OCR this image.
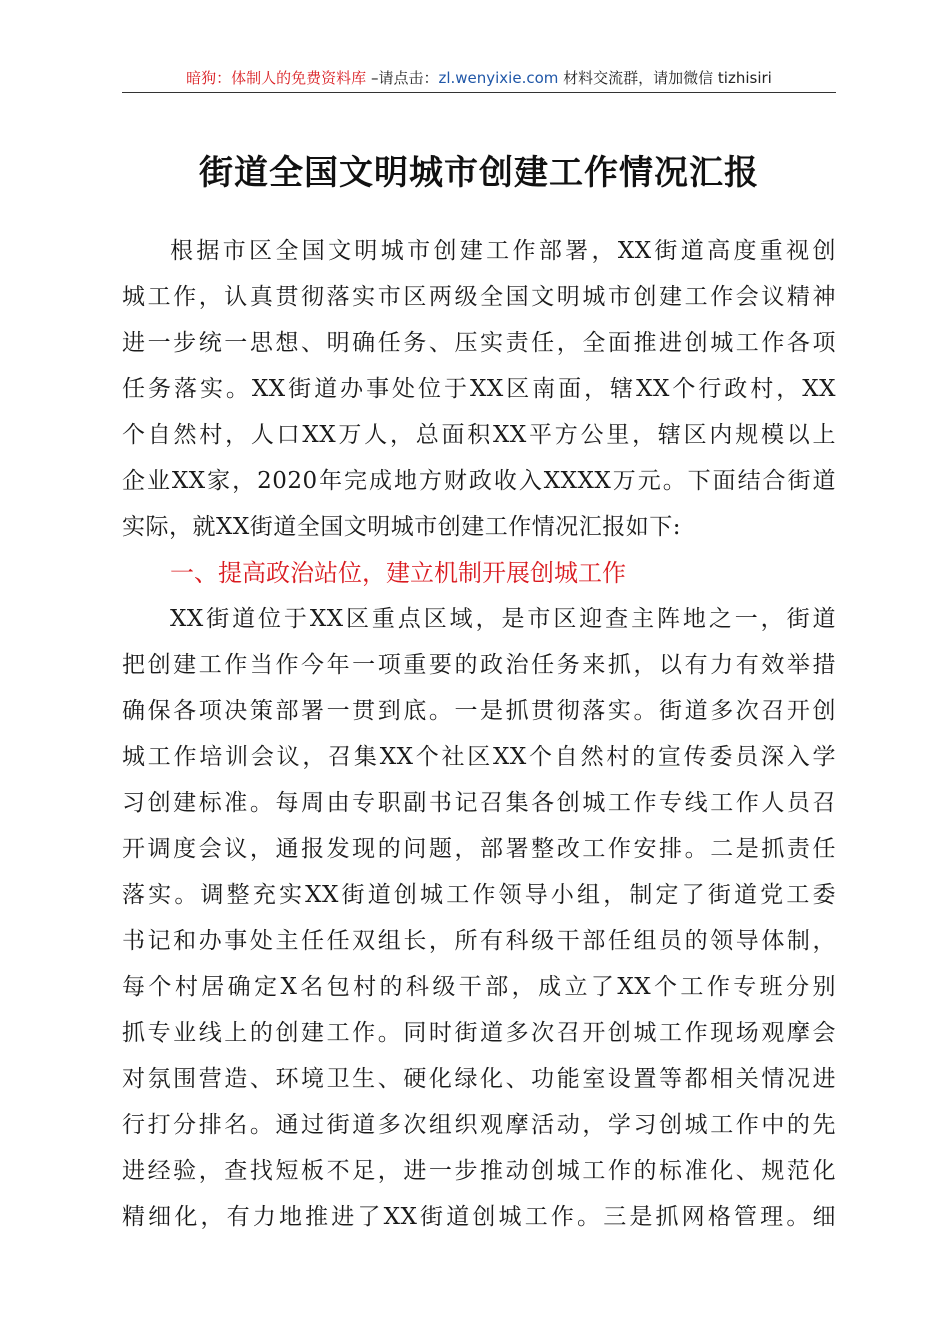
暗狗：体制人的免费资料库 –请点击：zl.wenyixie.com 材料交流群，请加微信 tizhisiri
街道全国文明城市创建工作情况汇报
根据市区全国文明城市创建工作部署，XX街道高度重视创
城工作，认真贯彻落实市区两级全国文明城市创建工作会议精神
进一步统一思想、明确任务、压实责任，全面推进创城工作各项
任务落实。XX街道办事处位于XX区南面，辖XX个行政村，XX
个自然村，人口XX万人，总面积XX平方公里，辖区内规模以上
企业XX家，2020年完成地方财政收入XXXX万元。下面结合街道
实际，就XX街道全国文明城市创建工作情况汇报如下:
一、提高政治站位，建立机制开展创城工作
XX街道位于XX区重点区域，是市区迎查主阵地之一，街道
把创建工作当作今年一项重要的政治任务来抓，以有力有效举措
确保各项决策部署一贯到底。一是抓贯彻落实。街道多次召开创
城工作培训会议，召集XX个社区XX个自然村的宣传委员深入学
习创建标准。每周由专职副书记召集各创城工作专线工作人员召
开调度会议，通报发现的问题，部署整改工作安排。二是抓责任
落实。调整充实XX街道创城工作领导小组，制定了街道党工委
书记和办事处主任任双组长，所有科级干部任组员的领导体制，
每个村居确定X名包村的科级干部，成立了XX个工作专班分别
抓专业线上的创建工作。同时街道多次召开创城工作现场观摩会
对氛围营造、环境卫生、硬化绿化、功能室设置等都相关情况进
行打分排名。通过街道多次组织观摩活动，学习创城工作中的先
进经验，查找短板不足，进一步推动创城工作的标准化、规范化
精细化，有力地推进了XX街道创城工作。三是抓网格管理。细
